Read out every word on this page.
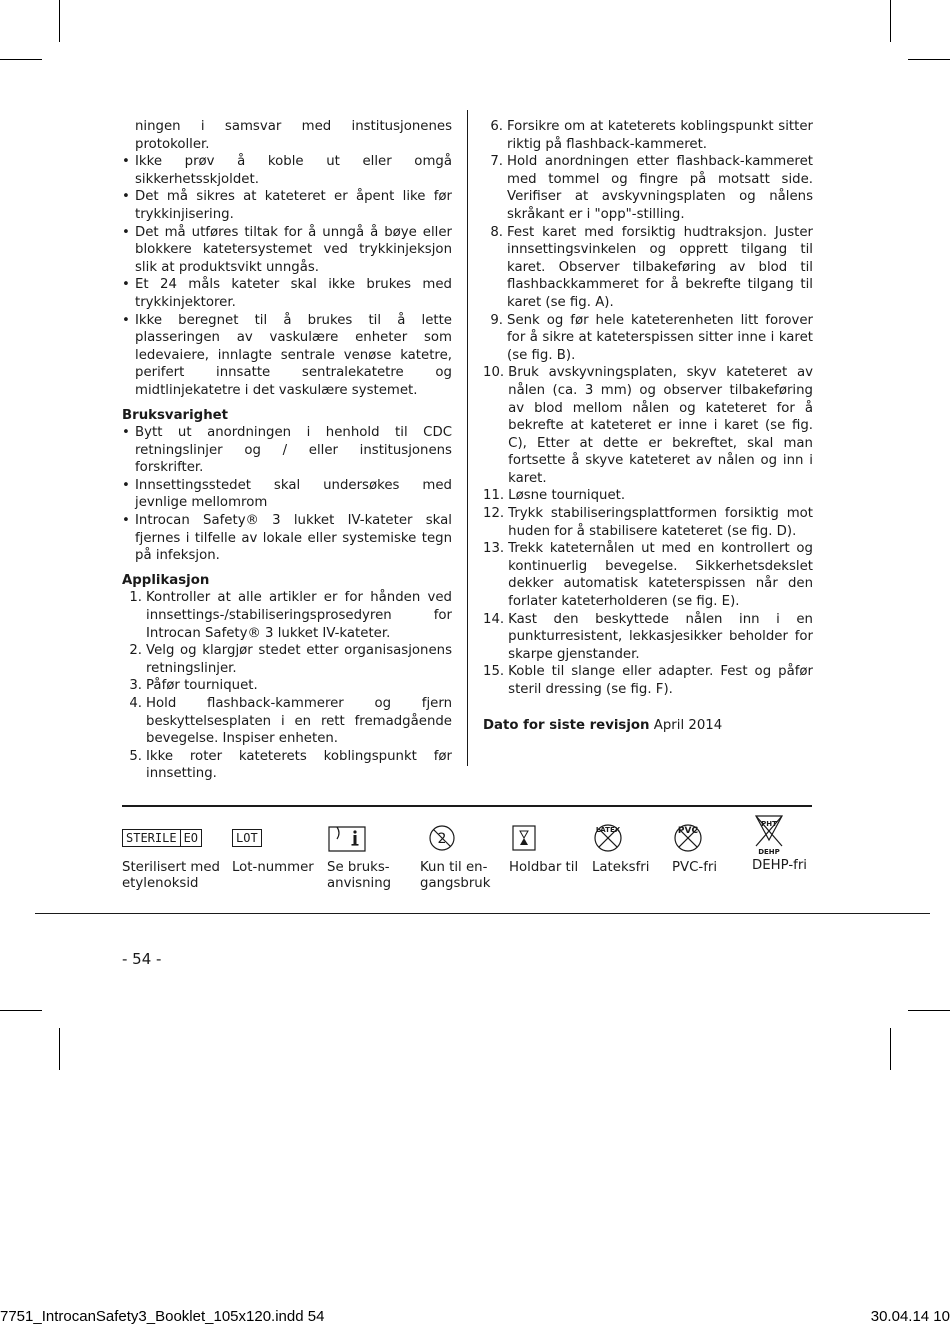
ningen i samsvar med institusjonenes protokoller.

• Ikke prøv å koble ut eller omgå sikkerhetsskjoldet.
• Det må sikres at kateteret er åpent like før trykkinjisering.
• Det må utføres tiltak for å unngå å bøye eller blokkere katetersystemet ved trykkinjeksjon slik at produktsvikt unngås.
• Et 24 måls kateter skal ikke brukes med trykkinjektorer.
• Ikke beregnet til å brukes til å lette plasseringen av vaskulære enheter som ledevaiere, innlagte sentrale venøse katetre, perifert innsatte sentralekatetre og midtlinjekatetre i det vaskulære systemet.
Bruksvarighet
• Bytt ut anordningen i henhold til CDC retningslinjer og / eller institusjonens forskrifter.
• Innsettingsstedet skal undersøkes med jevnlige mellomrom
• Introcan Safety® 3 lukket IV-kateter skal fjernes i tilfelle av lokale eller systemiske tegn på infeksjon.
Applikasjon
1. Kontroller at alle artikler er for hånden ved innsettings-/stabiliseringsprosedyren for Introcan Safety® 3 lukket IV-kateter.
2. Velg og klargjør stedet etter organisasjonens retningslinjer.
3. Påfør tourniquet.
4. Hold flashback-kammerer og fjern beskyttelsesplaten i en rett fremadgående bevegelse. Inspiser enheten.
5. Ikke roter kateterets koblingspunkt før innsetting.
6. Forsikre om at kateterets koblingspunkt sitter riktig på flashback-kammeret.
7. Hold anordningen etter flashback-kammeret med tommel og fingre på motsatt side. Verifiser at avskyvningsplaten og nålens skråkant er i "opp"-stilling.
8. Fest karet med forsiktig hudtraksjon. Juster innsettingsvinkelen og opprett tilgang til karet. Observer tilbakeføring av blod til flashbackkammeret for å bekrefte tilgang til karet (se fig. A).
9. Senk og før hele kateterenheten litt forover for å sikre at kateterspissen sitter inne i karet (se fig. B).
10. Bruk avskyvningsplaten, skyv kateteret av nålen (ca. 3 mm) og observer tilbakeføring av blod mellom nålen og kateteret for å bekrefte at kateteret er inne i karet (se fig. C), Etter at dette er bekreftet, skal man fortsette å skyve kateteret av nålen og inn i karet.
11. Løsne tourniquet.
12. Trykk stabiliseringsplattformen forsiktig mot huden for å stabilisere kateteret (se fig. D).
13. Trekk kateternålen ut med en kontrollert og kontinuerlig bevegelse. Sikkerhetsdekslet dekker automatisk kateterspissen når den forlater kateterholderen (se fig. E).
14. Kast den beskyttede nålen inn i en punkturresistent, lekkasjesikker beholder for skarpe gjenstander.
15. Koble til slange eller adapter. Fest og påfør steril dressing (se fig. F).
Dato for siste revisjon April 2014
STERILE EO
Sterilisert med etylenoksid
LOT
Lot-nummer Se bruks-anvisning
2
Kun til en-gangsbruk
Holdbar til
LATEX
Lateksfri
PVC
PVC-fri
PHT
DEHP
DEHP-fri
- 54 -
7751_IntrocanSafety3_Booklet_105x120.indd 54	30.04.14 10
